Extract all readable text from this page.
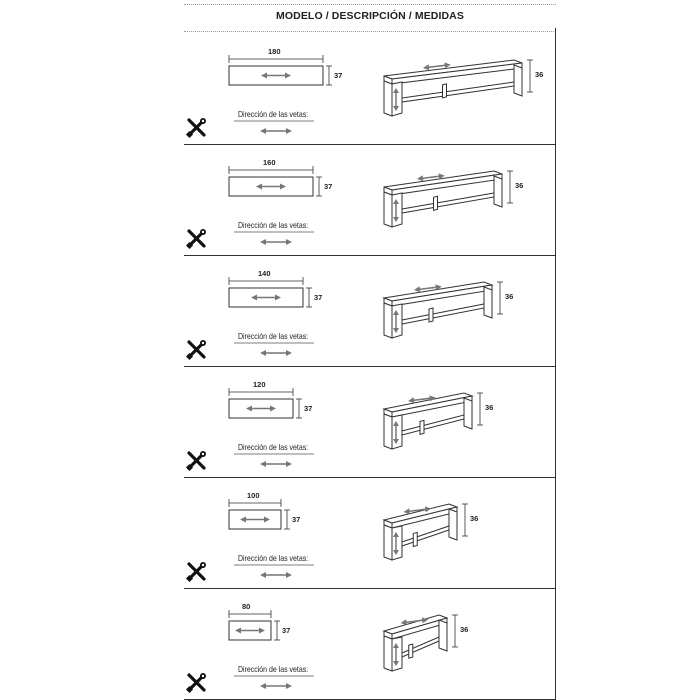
MODELO / DESCRIPCIÓN / MEDIDAS
180
37	36
Dirección de las vetas:
160
37	36
Dirección de las vetas:
140
37	36
Dirección de las vetas:
120
37	36
Dirección de las vetas:
100
37	36
Dirección de las vetas:
80
37	36
Dirección de las vetas:
